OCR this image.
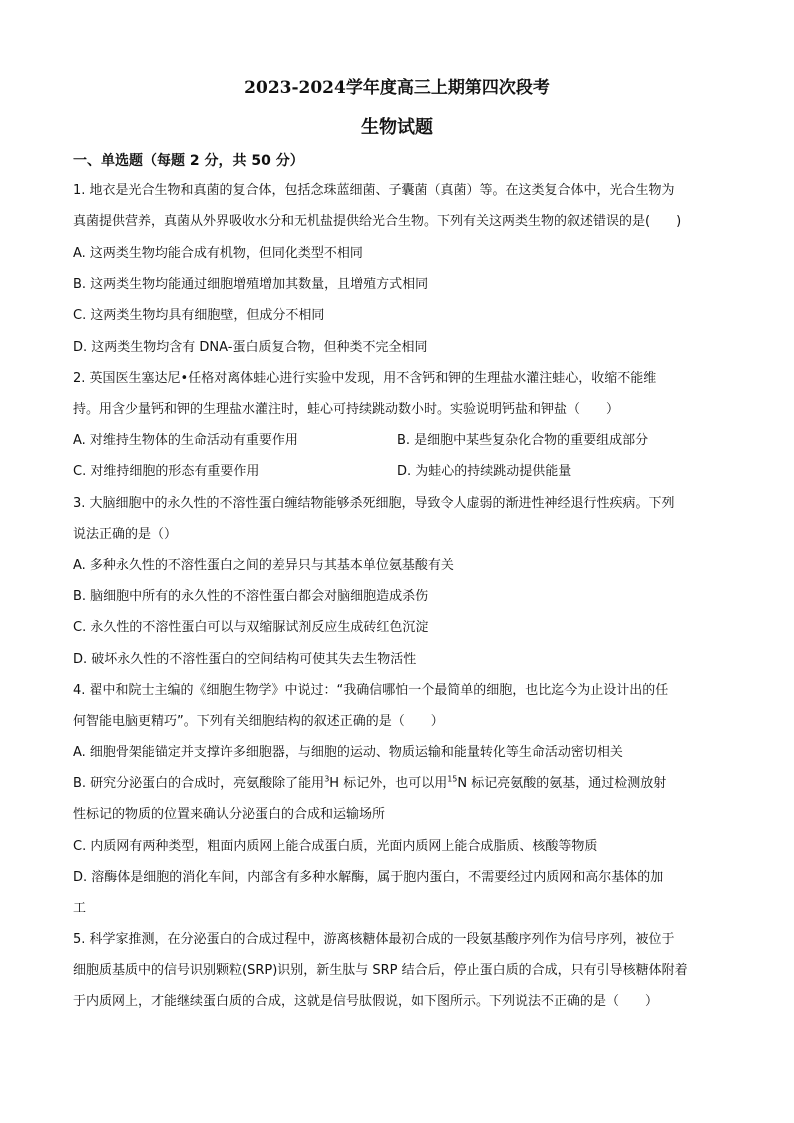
2023-2024学年度高三上期第四次段考
生物试题
一、单选题（每题 2 分，共 50 分）
1. 地衣是光合生物和真菌的复合体，包括念珠蓝细菌、子囊菌（真菌）等。在这类复合体中，光合生物为
真菌提供营养，真菌从外界吸收水分和无机盐提供给光合生物。下列有关这两类生物的叙述错误的是(　　)
A. 这两类生物均能合成有机物，但同化类型不相同
B. 这两类生物均能通过细胞增殖增加其数量，且增殖方式相同
C. 这两类生物均具有细胞壁，但成分不相同
D. 这两类生物均含有 DNA-蛋白质复合物，但种类不完全相同
2. 英国医生塞达尼•任格对离体蛙心进行实验中发现，用不含钙和钾的生理盐水灌注蛙心，收缩不能维
持。用含少量钙和钾的生理盐水灌注时，蛙心可持续跳动数小时。实验说明钙盐和钾盐（　　）
A. 对维持生物体的生命活动有重要作用	B. 是细胞中某些复杂化合物的重要组成部分
C. 对维持细胞的形态有重要作用	D. 为蛙心的持续跳动提供能量
3. 大脑细胞中的永久性的不溶性蛋白缠结物能够杀死细胞，导致令人虚弱的渐进性神经退行性疾病。下列
说法正确的是（）
A. 多种永久性的不溶性蛋白之间的差异只与其基本单位氨基酸有关
B. 脑细胞中所有的永久性的不溶性蛋白都会对脑细胞造成杀伤
C. 永久性的不溶性蛋白可以与双缩脲试剂反应生成砖红色沉淀
D. 破坏永久性的不溶性蛋白的空间结构可使其失去生物活性
4. 翟中和院士主编的《细胞生物学》中说过：“我确信哪怕一个最简单的细胞，也比迄今为止设计出的任
何智能电脑更精巧”。下列有关细胞结构的叙述正确的是（　　）
A. 细胞骨架能锚定并支撑许多细胞器，与细胞的运动、物质运输和能量转化等生命活动密切相关
B. 研究分泌蛋白的合成时，亮氨酸除了能用$^3$H 标记外，也可以用$^{15}$N 标记亮氨酸的氨基，通过检测放射
性标记的物质的位置来确认分泌蛋白的合成和运输场所
C. 内质网有两种类型，粗面内质网上能合成蛋白质，光面内质网上能合成脂质、核酸等物质
D. 溶酶体是细胞的消化车间，内部含有多种水解酶，属于胞内蛋白，不需要经过内质网和高尔基体的加
工
5. 科学家推测，在分泌蛋白的合成过程中，游离核糖体最初合成的一段氨基酸序列作为信号序列，被位于
细胞质基质中的信号识别颗粒(SRP)识别，新生肽与 SRP 结合后，停止蛋白质的合成，只有引导核糖体附着
于内质网上，才能继续蛋白质的合成，这就是信号肽假说，如下图所示。下列说法不正确的是（　　）
